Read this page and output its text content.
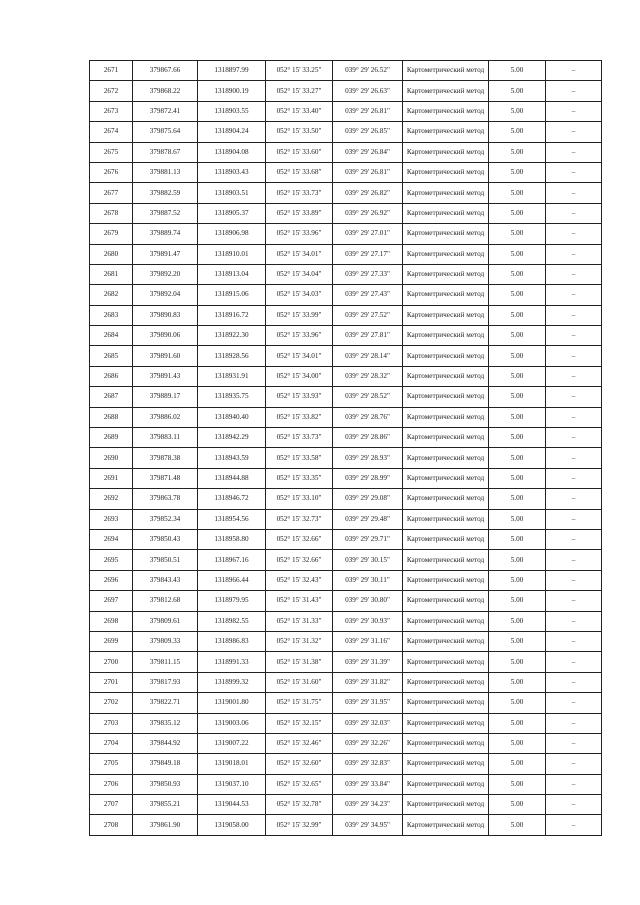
2671	379867.66	1318897.99	052° 15' 33.25"	039° 29' 26.52"	Картометрический метод	5.00	–
2672	379868.22	1318900.19	052° 15' 33.27"	039° 29' 26.63"	Картометрический метод	5.00	–
2673	379872.41	1318903.55	052° 15' 33.40"	039° 29' 26.81"	Картометрический метод	5.00	–
2674	379875.64	1318904.24	052° 15' 33.50"	039° 29' 26.85"	Картометрический метод	5.00	–
2675	379878.67	1318904.08	052° 15' 33.60"	039° 29' 26.84"	Картометрический метод	5.00	–
2676	379881.13	1318903.43	052° 15' 33.68"	039° 29' 26.81"	Картометрический метод	5.00	–
2677	379882.59	1318903.51	052° 15' 33.73"	039° 29' 26.82"	Картометрический метод	5.00	–
2678	379887.52	1318905.37	052° 15' 33.89"	039° 29' 26.92"	Картометрический метод	5.00	–
2679	379889.74	1318906.98	052° 15' 33.96"	039° 29' 27.01"	Картометрический метод	5.00	–
2680	379891.47	1318910.01	052° 15' 34.01"	039° 29' 27.17"	Картометрический метод	5.00	–
2681	379892.20	1318913.04	052° 15' 34.04"	039° 29' 27.33"	Картометрический метод	5.00	–
2682	379892.04	1318915.06	052° 15' 34.03"	039° 29' 27.43"	Картометрический метод	5.00	–
2683	379890.83	1318916.72	052° 15' 33.99"	039° 29' 27.52"	Картометрический метод	5.00	–
2684	379890.06	1318922.30	052° 15' 33.96"	039° 29' 27.81"	Картометрический метод	5.00	–
2685	379891.60	1318928.56	052° 15' 34.01"	039° 29' 28.14"	Картометрический метод	5.00	–
2686	379891.43	1318931.91	052° 15' 34.00"	039° 29' 28.32"	Картометрический метод	5.00	–
2687	379889.17	1318935.75	052° 15' 33.93"	039° 29' 28.52"	Картометрический метод	5.00	–
2688	379886.02	1318940.40	052° 15' 33.82"	039° 29' 28.76"	Картометрический метод	5.00	–
2689	379883.11	1318942.29	052° 15' 33.73"	039° 29' 28.86"	Картометрический метод	5.00	–
2690	379878.38	1318943.59	052° 15' 33.58"	039° 29' 28.93"	Картометрический метод	5.00	–
2691	379871.48	1318944.88	052° 15' 33.35"	039° 29' 28.99"	Картометрический метод	5.00	–
2692	379863.78	1318946.72	052° 15' 33.10"	039° 29' 29.08"	Картометрический метод	5.00	–
2693	379852.34	1318954.56	052° 15' 32.73"	039° 29' 29.48"	Картометрический метод	5.00	–
2694	379850.43	1318958.80	052° 15' 32.66"	039° 29' 29.71"	Картометрический метод	5.00	–
2695	379850.51	1318967.16	052° 15' 32.66"	039° 29' 30.15"	Картометрический метод	5.00	–
2696	379843.43	1318966.44	052° 15' 32.43"	039° 29' 30.11"	Картометрический метод	5.00	–
2697	379812.68	1318979.95	052° 15' 31.43"	039° 29' 30.80"	Картометрический метод	5.00	–
2698	379809.61	1318982.55	052° 15' 31.33"	039° 29' 30.93"	Картометрический метод	5.00	–
2699	379809.33	1318986.83	052° 15' 31.32"	039° 29' 31.16"	Картометрический метод	5.00	–
2700	379811.15	1318991.33	052° 15' 31.38"	039° 29' 31.39"	Картометрический метод	5.00	–
2701	379817.93	1318999.32	052° 15' 31.60"	039° 29' 31.82"	Картометрический метод	5.00	–
2702	379822.71	1319001.80	052° 15' 31.75"	039° 29' 31.95"	Картометрический метод	5.00	–
2703	379835.12	1319003.06	052° 15' 32.15"	039° 29' 32.03"	Картометрический метод	5.00	–
2704	379844.92	1319007.22	052° 15' 32.46"	039° 29' 32.26"	Картометрический метод	5.00	–
2705	379849.18	1319018.01	052° 15' 32.60"	039° 29' 32.83"	Картометрический метод	5.00	–
2706	379850.93	1319037.10	052° 15' 32.65"	039° 29' 33.84"	Картометрический метод	5.00	–
2707	379855.21	1319044.53	052° 15' 32.78"	039° 29' 34.23"	Картометрический метод	5.00	–
2708	379861.90	1319058.00	052° 15' 32.99"	039° 29' 34.95"	Картометрический метод	5.00	–
